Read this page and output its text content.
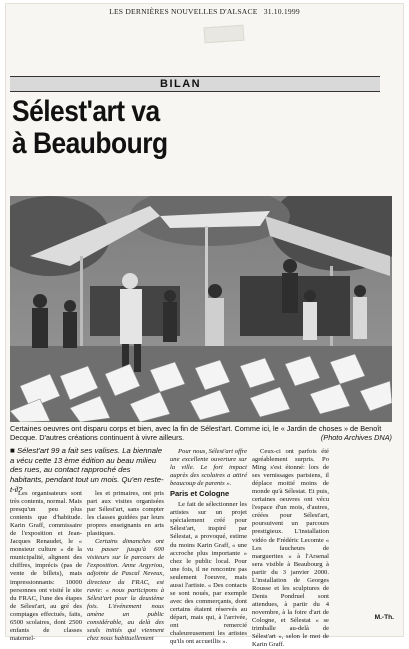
LES DERNIÈRES NOUVELLES D'ALSACE 31.10.1999
BILAN
Sélest'art va
à Beaubourg
Certaines oeuvres ont disparu corps et bien, avec la fin de Sélest'art. Comme ici, le « Jardin de choses » de Benoît Decque. D'autres créations continuent à vivre ailleurs.	(Photo Archives DNA)
■ Sélest'art 99 a fait ses valises. La biennale a vécu cette 13 ème édition au beau milieu des rues, au contact rapproché des habitants, pendant tout un mois. Qu'en reste-t-il?

Les organisateurs sont très contents, normal. Mais presqu'un peu plus contents que d'habitude. Karin Graff, commissaire de l'exposition et Jean-Jacques Renaudet, le « monsieur culture » de la municipalité, alignent des chiffres, imprécis (pas de vente de billets), mais impressionnants: 10000 personnes ont visité le site du FRAC, l'une des étapes de Sélest'art, au gré des comptages effectués, faits, 6500 scolaires, dont 2500 enfants de classes maternel-

les et primaires, ont pris part aux visites organisées par Sélest'art, sans compter les classes guidées par leurs propres enseignants en arts plastiques.

Certains dimanches ont vu passer jusqu'à 600 visiteurs sur le parcours de l'exposition. Anne Argyriou, adjointe de Pascal Neveux, directeur du FRAC, est ravie: « nous participons à Sélest'art pour la deuxième fois. L'événement nous amène un public considérable, au delà des seuls initiés qui viennent chez nous habituellement

Pour nous, Sélest'art offre une excellente ouverture sur la ville. Le fort impact auprès des scolaires a attiré beaucoup de parents ».

Paris et Cologne

Le fait de sélectionner les artistes sur un projet spécialement créé pour Sélest'art, inspiré par Sélestat, a provoqué, estime du moins Karin Graff, « une accroche plus importante » chez le public local. Pour une fois, il ne rencontre pas seulement l'oeuvre, mais aussi l'artiste. « Des contacts se sont noués, par exemple avec des commerçants, dont certains étaient réservés au départ, mais qui, à l'arrivée, ont remercié chaleureusement les artistes qu'ils ont accueillis ».

Ceux-ci ont parfois été agréablement surpris. Po Ming s'est étonné: lors de ses vernissages parisiens, il déplace moitié moins de monde qu'à Sélestat. Et puis, certaines oeuvres ont vécu l'espace d'un mois, d'autres, créées pour Sélest'art, poursuivent un parcours prestigieux. L'installation vidéo de Frédéric Lecomte « Les faucheurs de marguerites » à l'Arsenal sera visible à Beaubourg à partir du 3 janvier 2000. L'installation de Georges Rousse et les sculptures de Denis Pondruel sont attendues, à partir du 4 novembre, à la foire d'art de Cologne, et Sélestat « se trimballe au-delà de Sélest'art », selon le mot de Karin Graff.

M.-Th.
